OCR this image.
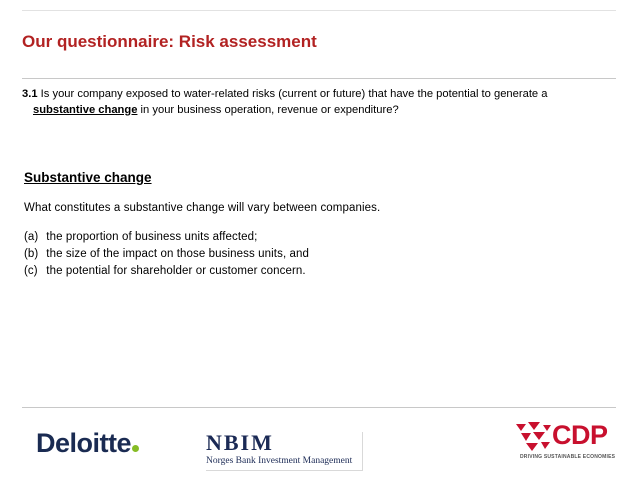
Our questionnaire: Risk assessment
3.1 Is your company exposed to water-related risks (current or future) that have the potential to generate a
substantive change in your business operation, revenue or expenditure?
Substantive change
What constitutes a substantive change will vary between companies.
(a) the proportion of business units affected;
(b) the size of the impact on those business units, and
(c) the potential for shareholder or customer concern.
Deloitte	NBIM
Norges Bank Investment Management
CDP
DRIVING SUSTAINABLE ECONOMIES
